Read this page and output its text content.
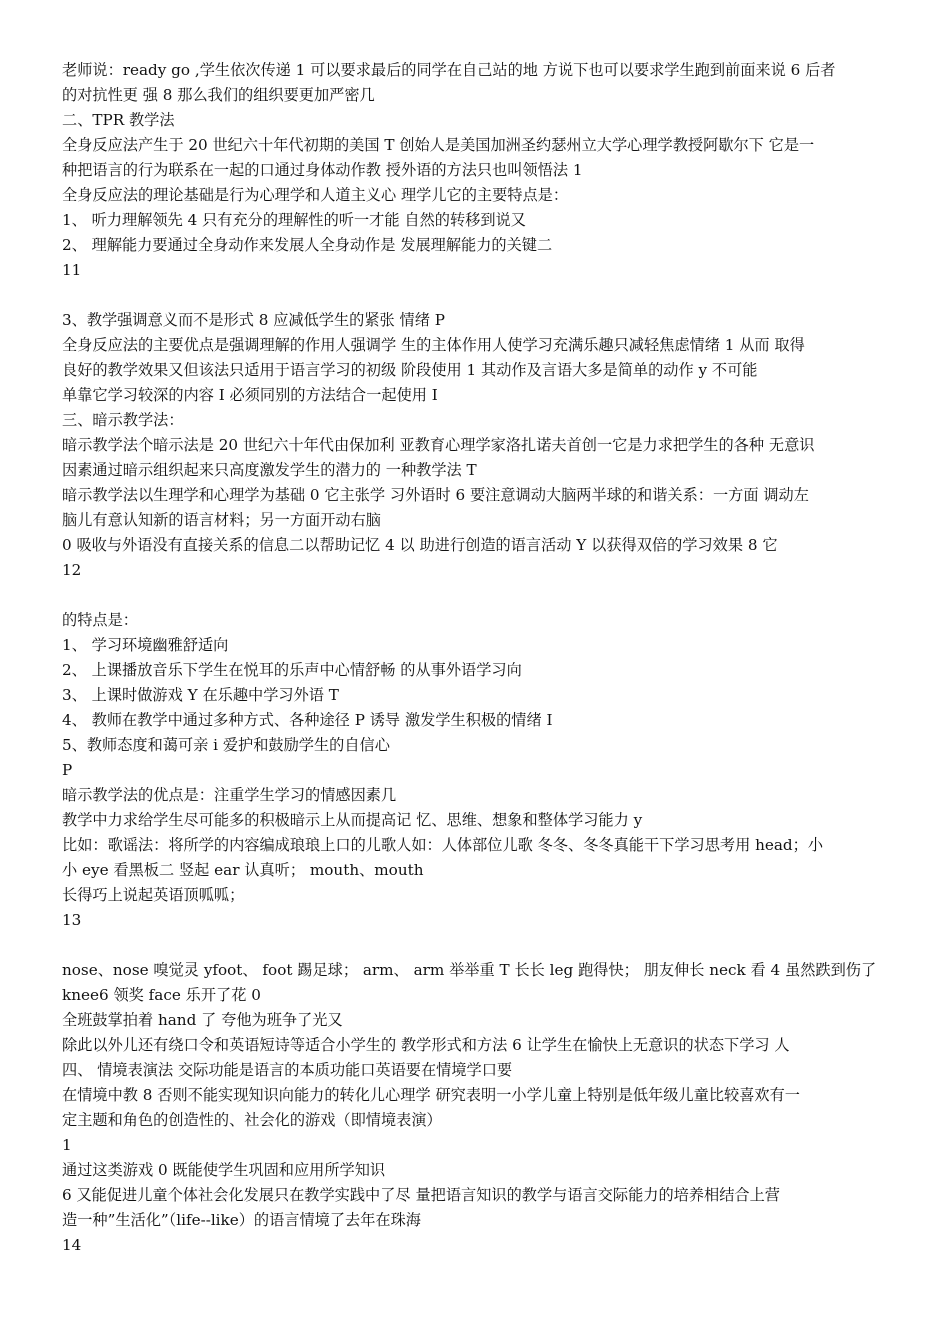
老师说：ready go ,学生依次传递 1 可以要求最后的同学在自己站的地 方说下也可以要求学生跑到前面来说 6 后者
的对抗性更 强 8 那么我们的组织要更加严密几
二、TPR 教学法
全身反应法产生于 20 世纪六十年代初期的美国 T 创始人是美国加洲圣约瑟州立大学心理学教授阿歇尔下 它是一
种把语言的行为联系在一起的口通过身体动作教 授外语的方法只也叫领悟法 1
全身反应法的理论基础是行为心理学和人道主义心 理学儿它的主要特点是：
1、 听力理解领先 4 只有充分的理解性的听一才能 自然的转移到说又
2、 理解能力要通过全身动作来发展人全身动作是 发展理解能力的关键二
11
3、教学强调意义而不是形式 8 应减低学生的紧张 情绪 P
全身反应法的主要优点是强调理解的作用人强调学 生的主体作用人使学习充满乐趣只减轻焦虑情绪 1 从而 取得
良好的教学效果又但该法只适用于语言学习的初级 阶段使用 1 其动作及言语大多是简单的动作 y 不可能
单靠它学习较深的内容 I 必须同别的方法结合一起使用 I
三、暗示教学法：
暗示教学法个暗示法是 20 世纪六十年代由保加利 亚教育心理学家洛扎诺夫首创一它是力求把学生的各种 无意识
因素通过暗示组织起来只高度激发学生的潜力的 一种教学法 T
暗示教学法以生理学和心理学为基础 0 它主张学 习外语时 6 要注意调动大脑两半球的和谐关系：一方面 调动左
脑儿有意认知新的语言材料；另一方面开动右脑
0 吸收与外语没有直接关系的信息二以帮助记忆 4 以 助进行创造的语言活动 Y 以获得双倍的学习效果 8 它
12
的特点是：
1、 学习环境幽雅舒适向
2、 上课播放音乐下学生在悦耳的乐声中心情舒畅 的从事外语学习向
3、 上课时做游戏 Y 在乐趣中学习外语 T
4、 教师在教学中通过多种方式、各种途径 P 诱导 激发学生积极的情绪 I
5、教师态度和蔼可亲 i 爱护和鼓励学生的自信心
P
暗示教学法的优点是：注重学生学习的情感因素几
教学中力求给学生尽可能多的积极暗示上从而提高记 忆、思维、想象和整体学习能力 y
比如：歌谣法：将所学的内容编成琅琅上口的儿歌人如：人体部位儿歌 冬冬、冬冬真能干下学习思考用 head；小
小 eye 看黑板二 竖起 ear 认真听； mouth、mouth
长得巧上说起英语顶呱呱；
13
nose、nose 嗅觉灵 yfoot、 foot 踢足球； arm、 arm 举举重 T 长长 leg 跑得快； 朋友伸长 neck 看 4 虽然跌到伤了
knee6 领奖 face 乐开了花 0
全班鼓掌拍着 hand 了 夸他为班争了光又
除此以外儿还有绕口令和英语短诗等适合小学生的 教学形式和方法 6 让学生在愉快上无意识的状态下学习 人
四、 情境表演法 交际功能是语言的本质功能口英语要在情境学口要
在情境中教 8 否则不能实现知识向能力的转化儿心理学 研究表明一小学儿童上特别是低年级儿童比较喜欢有一
定主题和角色的创造性的、社会化的游戏（即情境表演）
1
通过这类游戏 0 既能使学生巩固和应用所学知识
6 又能促进儿童个体社会化发展只在教学实践中了尽 量把语言知识的教学与语言交际能力的培养相结合上营
造一种”生活化”（life--like）的语言情境了去年在珠海
14
